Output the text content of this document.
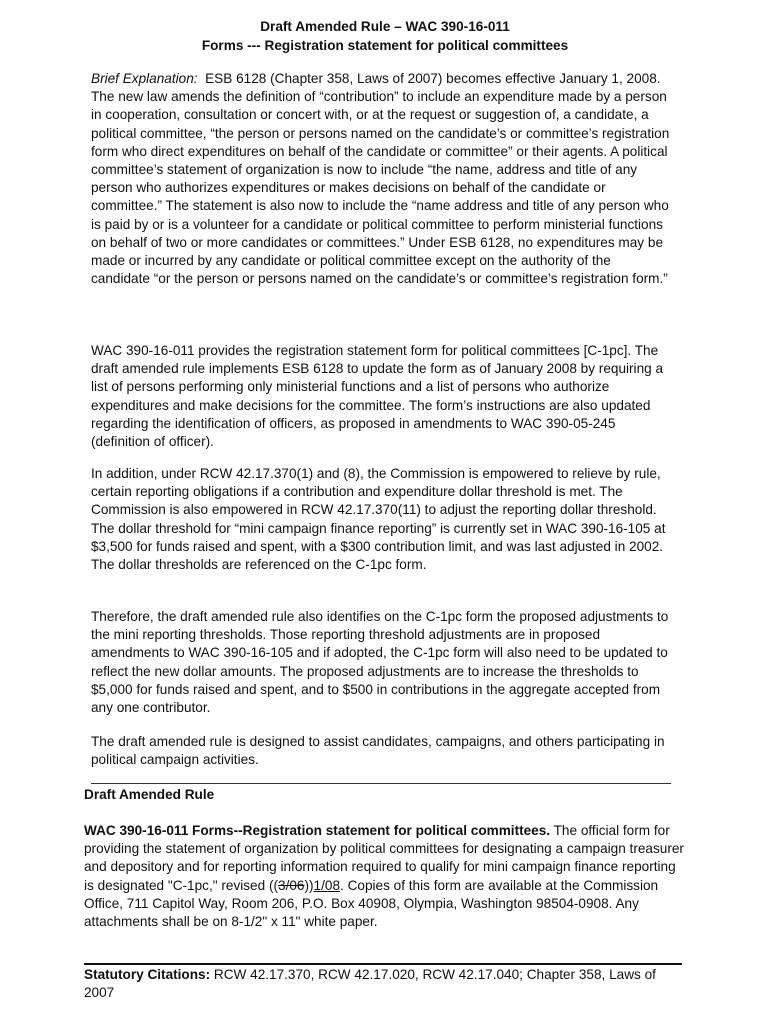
Draft Amended Rule – WAC 390-16-011
Forms --- Registration statement for political committees

Brief Explanation: ESB 6128 (Chapter 358, Laws of 2007) becomes effective January 1, 2008. The new law amends the definition of “contribution” to include an expenditure made by a person in cooperation, consultation or concert with, or at the request or suggestion of, a candidate, a political committee, “the person or persons named on the candidate’s or committee’s registration form who direct expenditures on behalf of the candidate or committee” or their agents. A political committee’s statement of organization is now to include “the name, address and title of any person who authorizes expenditures or makes decisions on behalf of the candidate or committee.” The statement is also now to include the “name address and title of any person who is paid by or is a volunteer for a candidate or political committee to perform ministerial functions on behalf of two or more candidates or committees.” Under ESB 6128, no expenditures may be made or incurred by any candidate or political committee except on the authority of the candidate “or the person or persons named on the candidate’s or committee’s registration form.”

WAC 390-16-011 provides the registration statement form for political committees [C-1pc]. The draft amended rule implements ESB 6128 to update the form as of January 2008 by requiring a list of persons performing only ministerial functions and a list of persons who authorize expenditures and make decisions for the committee. The form’s instructions are also updated regarding the identification of officers, as proposed in amendments to WAC 390-05-245 (definition of officer).

In addition, under RCW 42.17.370(1) and (8), the Commission is empowered to relieve by rule, certain reporting obligations if a contribution and expenditure dollar threshold is met. The Commission is also empowered in RCW 42.17.370(11) to adjust the reporting dollar threshold. The dollar threshold for “mini campaign finance reporting” is currently set in WAC 390-16-105 at $3,500 for funds raised and spent, with a $300 contribution limit, and was last adjusted in 2002. The dollar thresholds are referenced on the C-1pc form.

Therefore, the draft amended rule also identifies on the C-1pc form the proposed adjustments to the mini reporting thresholds. Those reporting threshold adjustments are in proposed amendments to WAC 390-16-105 and if adopted, the C-1pc form will also need to be updated to reflect the new dollar amounts. The proposed adjustments are to increase the thresholds to $5,000 for funds raised and spent, and to $500 in contributions in the aggregate accepted from any one contributor.

The draft amended rule is designed to assist candidates, campaigns, and others participating in political campaign activities.

Draft Amended Rule
WAC 390-16-011 Forms--Registration statement for political committees. The official form for providing the statement of organization by political committees for designating a campaign treasurer and depository and for reporting information required to qualify for mini campaign finance reporting is designated "C-1pc," revised ((3/06))1/08. Copies of this form are available at the Commission Office, 711 Capitol Way, Room 206, P.O. Box 40908, Olympia, Washington 98504-0908. Any attachments shall be on 8-1/2" x 11" white paper.
Statutory Citations: RCW 42.17.370, RCW 42.17.020, RCW 42.17.040; Chapter 358, Laws of 2007
